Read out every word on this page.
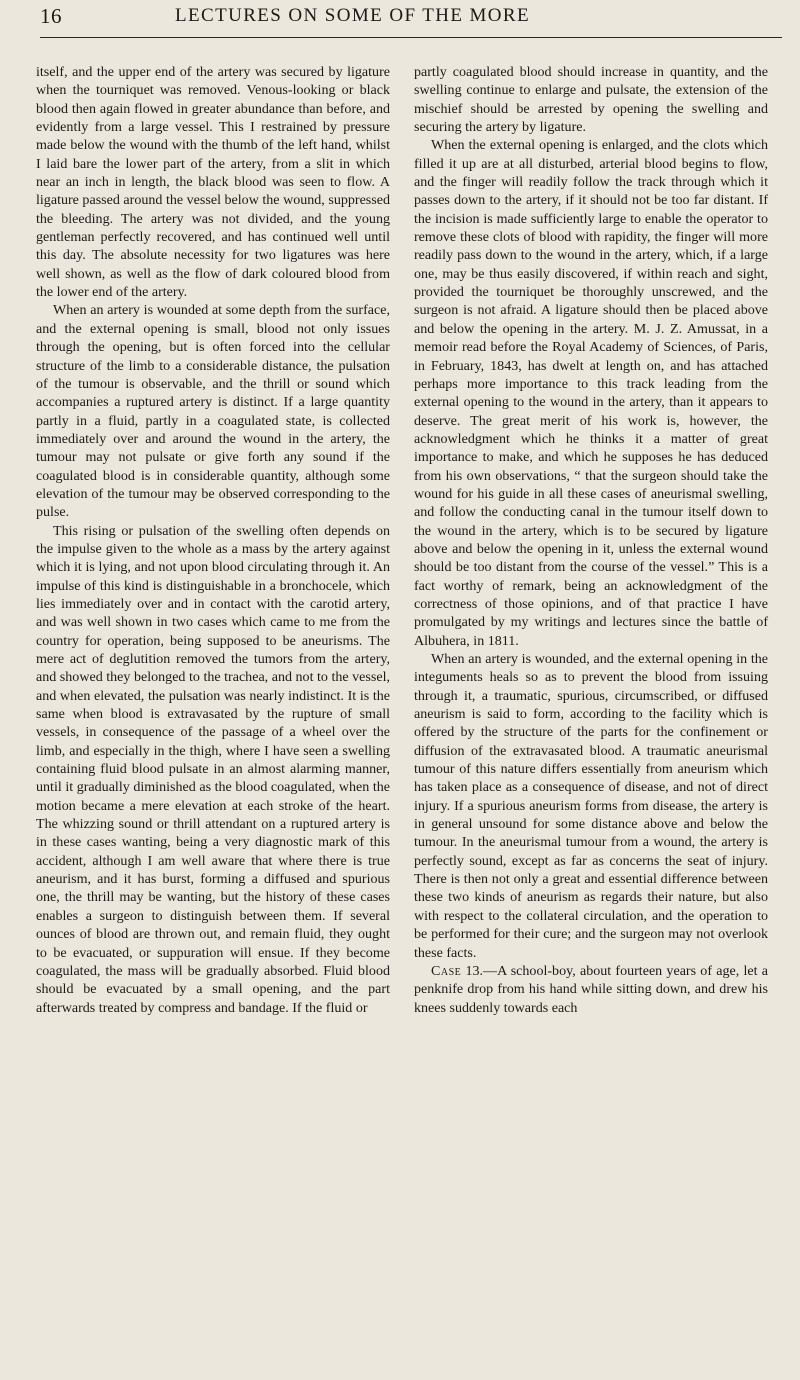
16	LECTURES ON SOME OF THE MORE

itself, and the upper end of the artery was secured by ligature when the tourniquet was removed. Venous-looking or black blood then again flowed in greater abundance than before, and evidently from a large vessel. This I restrained by pressure made below the wound with the thumb of the left hand, whilst I laid bare the lower part of the artery, from a slit in which near an inch in length, the black blood was seen to flow. A ligature passed around the vessel below the wound, suppressed the bleeding. The artery was not divided, and the young gentleman perfectly recovered, and has continued well until this day. The absolute necessity for two ligatures was here well shown, as well as the flow of dark coloured blood from the lower end of the artery.

When an artery is wounded at some depth from the surface, and the external opening is small, blood not only issues through the opening, but is often forced into the cellular structure of the limb to a considerable distance, the pulsation of the tumour is observable, and the thrill or sound which accompanies a ruptured artery is distinct. If a large quantity partly in a fluid, partly in a coagulated state, is collected immediately over and around the wound in the artery, the tumour may not pulsate or give forth any sound if the coagulated blood is in considerable quantity, although some elevation of the tumour may be observed corresponding to the pulse.

This rising or pulsation of the swelling often depends on the impulse given to the whole as a mass by the artery against which it is lying, and not upon blood circulating through it. An impulse of this kind is distinguishable in a bronchocele, which lies immediately over and in contact with the carotid artery, and was well shown in two cases which came to me from the country for operation, being supposed to be aneurisms. The mere act of deglutition removed the tumors from the artery, and showed they belonged to the trachea, and not to the vessel, and when elevated, the pulsation was nearly indistinct. It is the same when blood is extravasated by the rupture of small vessels, in consequence of the passage of a wheel over the limb, and especially in the thigh, where I have seen a swelling containing fluid blood pulsate in an almost alarming manner, until it gradually diminished as the blood coagulated, when the motion became a mere elevation at each stroke of the heart. The whizzing sound or thrill attendant on a ruptured artery is in these cases wanting, being a very diagnostic mark of this accident, although I am well aware that where there is true aneurism, and it has burst, forming a diffused and spurious one, the thrill may be wanting, but the history of these cases enables a surgeon to distinguish between them. If several ounces of blood are thrown out, and remain fluid, they ought to be evacuated, or suppuration will ensue. If they become coagulated, the mass will be gradually absorbed. Fluid blood should be evacuated by a small opening, and the part afterwards treated by compress and bandage. If the fluid or

partly coagulated blood should increase in quantity, and the swelling continue to enlarge and pulsate, the extension of the mischief should be arrested by opening the swelling and securing the artery by ligature.

When the external opening is enlarged, and the clots which filled it up are at all disturbed, arterial blood begins to flow, and the finger will readily follow the track through which it passes down to the artery, if it should not be too far distant. If the incision is made sufficiently large to enable the operator to remove these clots of blood with rapidity, the finger will more readily pass down to the wound in the artery, which, if a large one, may be thus easily discovered, if within reach and sight, provided the tourniquet be thoroughly unscrewed, and the surgeon is not afraid. A ligature should then be placed above and below the opening in the artery. M. J. Z. Amussat, in a memoir read before the Royal Academy of Sciences, of Paris, in February, 1843, has dwelt at length on, and has attached perhaps more importance to this track leading from the external opening to the wound in the artery, than it appears to deserve. The great merit of his work is, however, the acknowledgment which he thinks it a matter of great importance to make, and which he supposes he has deduced from his own observations, “ that the surgeon should take the wound for his guide in all these cases of aneurismal swelling, and follow the conducting canal in the tumour itself down to the wound in the artery, which is to be secured by ligature above and below the opening in it, unless the external wound should be too distant from the course of the vessel.” This is a fact worthy of remark, being an acknowledgment of the correctness of those opinions, and of that practice I have promulgated by my writings and lectures since the battle of Albuhera, in 1811.

When an artery is wounded, and the external opening in the integuments heals so as to prevent the blood from issuing through it, a traumatic, spurious, circumscribed, or diffused aneurism is said to form, according to the facility which is offered by the structure of the parts for the confinement or diffusion of the extravasated blood. A traumatic aneurismal tumour of this nature differs essentially from aneurism which has taken place as a consequence of disease, and not of direct injury. If a spurious aneurism forms from disease, the artery is in general unsound for some distance above and below the tumour. In the aneurismal tumour from a wound, the artery is perfectly sound, except as far as concerns the seat of injury. There is then not only a great and essential difference between these two kinds of aneurism as regards their nature, but also with respect to the collateral circulation, and the operation to be performed for their cure; and the surgeon may not overlook these facts.

Case 13.—A school-boy, about fourteen years of age, let a penknife drop from his hand while sitting down, and drew his knees suddenly towards each
